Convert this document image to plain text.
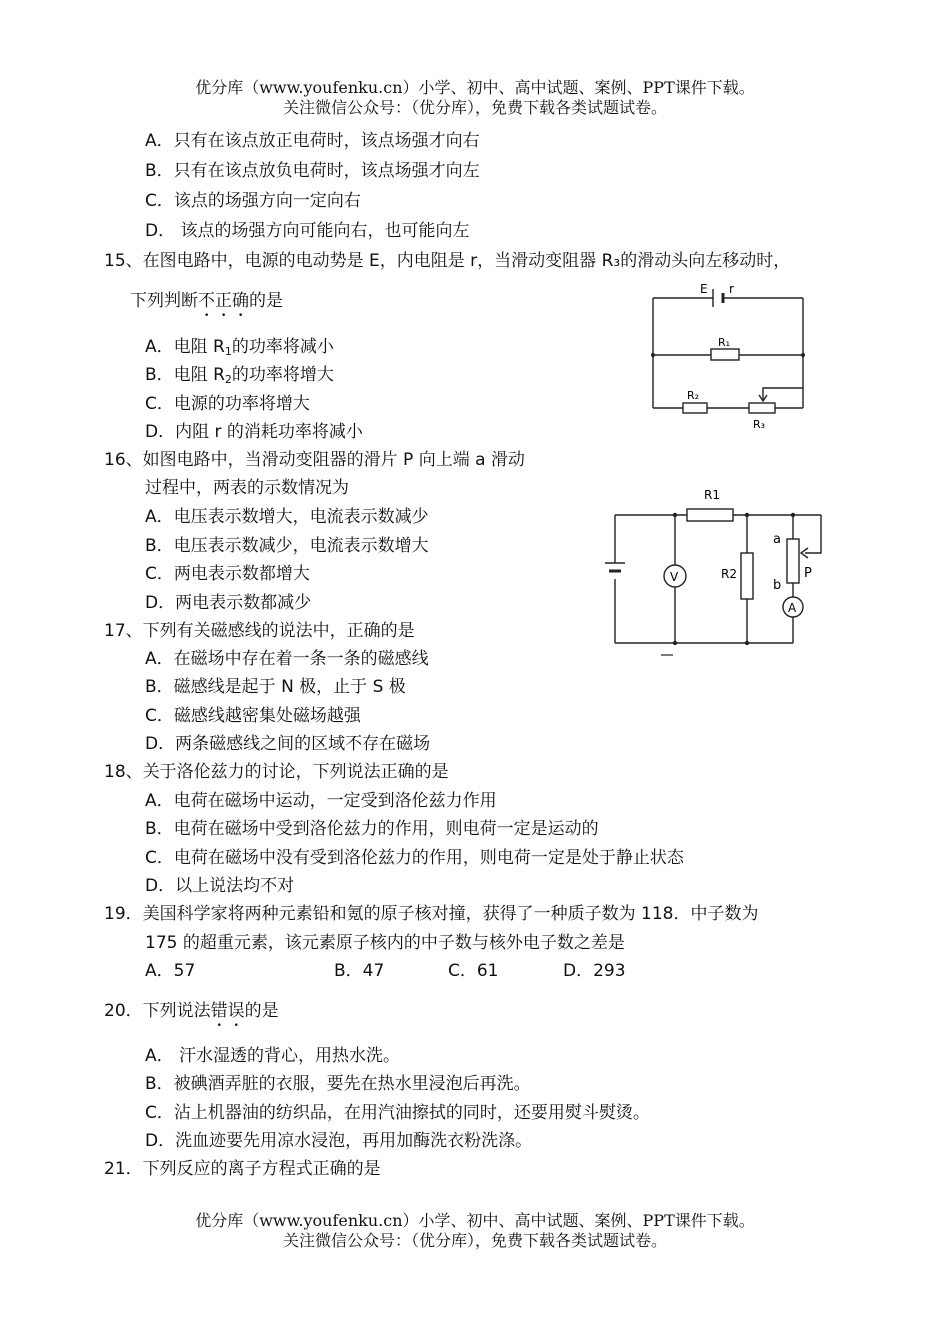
优分库（www.youfenku.cn）小学、初中、高中试题、案例、PPT课件下载。
关注微信公众号：（优分库），免费下载各类试题试卷。
A．只有在该点放正电荷时，该点场强才向右
B．只有在该点放负电荷时，该点场强才向左
C．该点的场强方向一定向右
D． 该点的场强方向可能向右，也可能向左
15、在图电路中，电源的电动势是 E，内电阻是 r，当滑动变阻器 R₃的滑动头向左移动时，
下列判断不正确的是
A．电阻 $R_1$的功率将减小
B．电阻 $R_2$的功率将增大
C．电源的功率将增大
D．内阻 r 的消耗功率将减小
E r
R₁
R₂
R₃
16、如图电路中，当滑动变阻器的滑片 P 向上端 a 滑动
过程中，两表的示数情况为
A．电压表示数增大，电流表示数减少
B．电压表示数减少，电流表示数增大
C．两电表示数都增大
D．两电表示数都减少
V
A
R1
R2
a
b
P
17、下列有关磁感线的说法中，正确的是
A．在磁场中存在着一条一条的磁感线
B．磁感线是起于 N 极，止于 S 极
C．磁感线越密集处磁场越强
D．两条磁感线之间的区域不存在磁场
18、关于洛伦兹力的讨论，下列说法正确的是
A．电荷在磁场中运动，一定受到洛伦兹力作用
B．电荷在磁场中受到洛伦兹力的作用，则电荷一定是运动的
C．电荷在磁场中没有受到洛伦兹力的作用，则电荷一定是处于静止状态
D．以上说法均不对
19．美国科学家将两种元素铅和氪的原子核对撞，获得了一种质子数为 118．中子数为
175 的超重元素，该元素原子核内的中子数与核外电子数之差是
A．57	B．47	C．61	D．293
20．下列说法错误的是
A． 汗水湿透的背心，用热水洗。
B．被碘酒弄脏的衣服，要先在热水里浸泡后再洗。
C．沾上机器油的纺织品，在用汽油擦拭的同时，还要用熨斗熨烫。
D．洗血迹要先用凉水浸泡，再用加酶洗衣粉洗涤。
21．下列反应的离子方程式正确的是
优分库（www.youfenku.cn）小学、初中、高中试题、案例、PPT课件下载。
关注微信公众号：（优分库），免费下载各类试题试卷。
